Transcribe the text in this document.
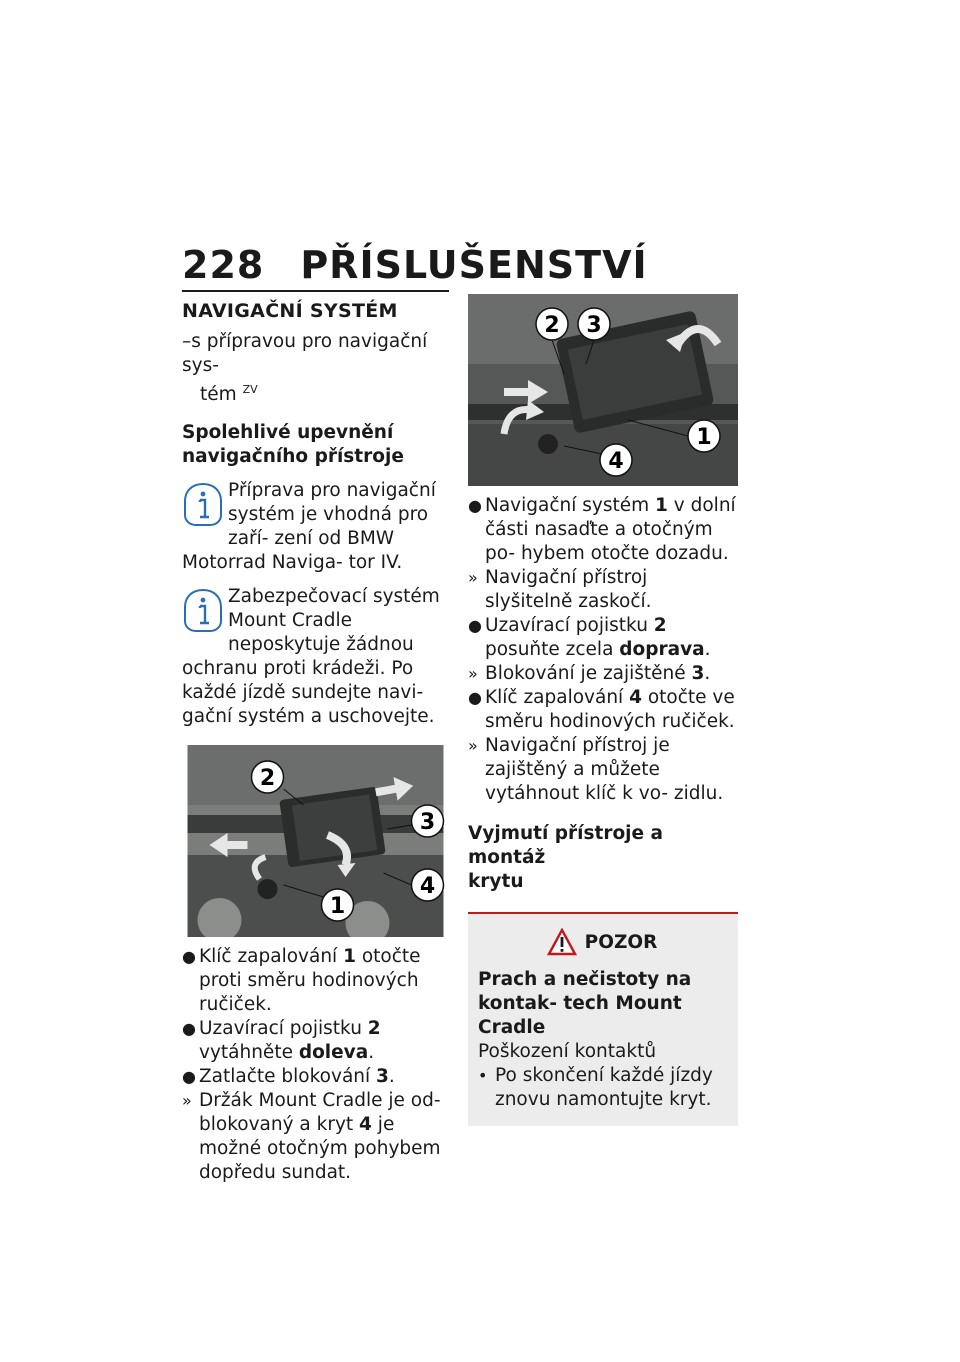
228 PŘÍSLUŠENSTVÍ
NAVIGAČNÍ SYSTÉM
–s přípravou pro navigační sys-
tém $^{ZV}$
Spolehlivé upevnění
navigačního přístroje
Příprava pro navigační systém je vhodná pro zaří- zení od BMW Motorrad Naviga- tor IV.
Zabezpečovací systém Mount Cradle neposkytuje žádnou ochranu proti krádeži. Po každé jízdě sundejte navi- gační systém a uschovejte.
2
3
4
1
● Klíč zapalování 1 otočte proti směru hodinových ručiček.
● Uzavírací pojistku 2 vytáhněte doleva.
● Zatlačte blokování 3.
» Držák Mount Cradle je od- blokovaný a kryt 4 je možné otočným pohybem dopředu sundat.
2 3
1
4
● Navigační systém 1 v dolní části nasaďte a otočným po- hybem otočte dozadu.
» Navigační přístroj slyšitelně zaskočí.
● Uzavírací pojistku 2 posuňte zcela doprava.
» Blokování je zajištěné 3.
● Klíč zapalování 4 otočte ve směru hodinových ručiček.
» Navigační přístroj je zajištěný a můžete vytáhnout klíč k vo- zidlu.
Vyjmutí přístroje a montáž
krytu
POZOR
Prach a nečistoty na kontak- tech Mount Cradle
Poškození kontaktů
• Po skončení každé jízdy znovu namontujte kryt.
